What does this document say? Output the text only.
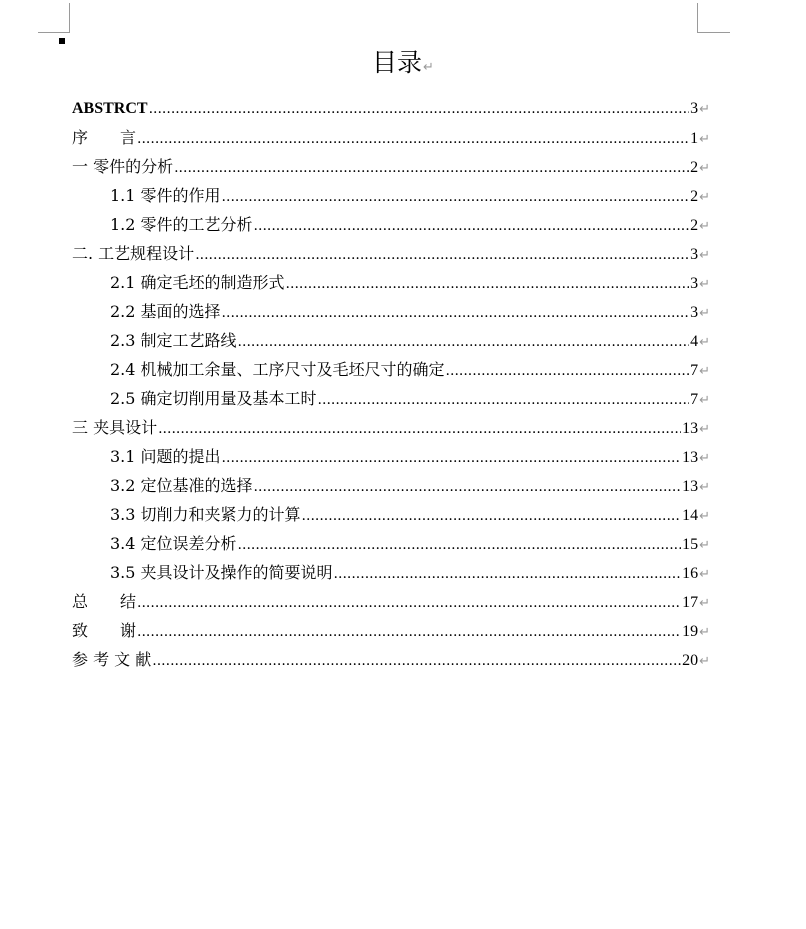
目录↵
ABSTRCT .....	3 ↵
序　　言 .....	1 ↵
一 零件的分析 .....	2 ↵
1.1 零件的作用 .....	2 ↵
1.2 零件的工艺分析 .....	2 ↵
二. 工艺规程设计 .....	3 ↵
2.1 确定毛坯的制造形式 .....	3 ↵
2.2 基面的选择 .....	3 ↵
2.3 制定工艺路线 .....	4 ↵
2.4 机械加工余量、工序尺寸及毛坯尺寸的确定 .....	7 ↵
2.5 确定切削用量及基本工时 .....	7 ↵
三 夹具设计 .....	13 ↵
3.1 问题的提出 .....	13 ↵
3.2 定位基准的选择 .....	13 ↵
3.3 切削力和夹紧力的计算 .....	14 ↵
3.4 定位误差分析 .....	15 ↵
3.5 夹具设计及操作的简要说明 .....	16 ↵
总　　结 .....	17 ↵
致　　谢 .....	19 ↵
参 考 文 献 .....	20 ↵
